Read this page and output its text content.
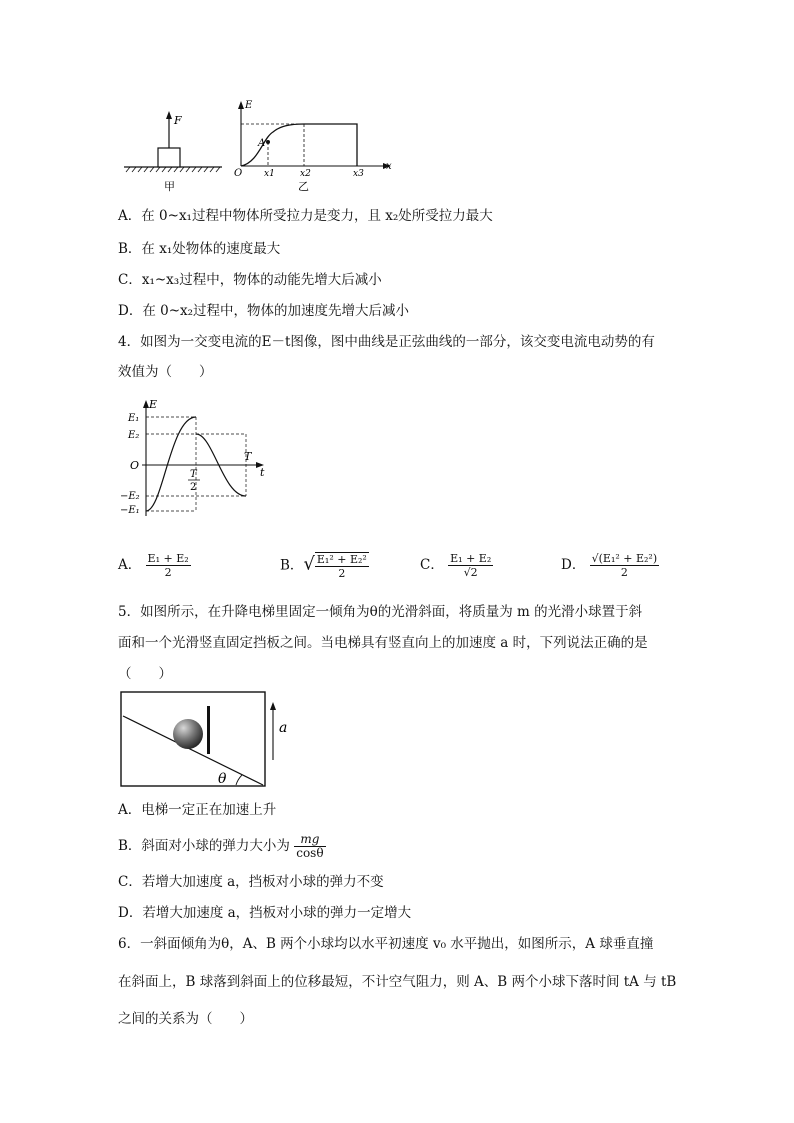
F
甲
E
x
O
A
x1	x2	x3
乙
A．在 0~x₁过程中物体所受拉力是变力，且 x₂处所受拉力最大
B．在 x₁处物体的速度最大
C．x₁~x₃过程中，物体的动能先增大后减小
D．在 0~x₂过程中，物体的加速度先增大后减小
4．如图为一交变电流的E－t图像，图中曲线是正弦曲线的一部分，该交变电流电动势的有
效值为（　　）
E
t
O
E₁
E₂
−E₂
−E₁
T
T
2
A． $\frac{\text{E₁ + E₂}}{2}$	B．√ $\frac{\text{E₁² + E₂²}}{2}$	C． $\frac{\text{E₁ + E₂}}{√2}$	D． $\frac{\text{√(E₁² + E₂²)}}{2}$
5．如图所示，在升降电梯里固定一倾角为θ的光滑斜面，将质量为 m 的光滑小球置于斜
面和一个光滑竖直固定挡板之间。当电梯具有竖直向上的加速度 a 时，下列说法正确的是
（　　）
θ
a
A．电梯一定正在加速上升
B．斜面对小球的弹力大小为 $\frac{mg}{\cos\theta}$
C．若增大加速度 a，挡板对小球的弹力不变
D．若增大加速度 a，挡板对小球的弹力一定增大
6．一斜面倾角为θ，A、B 两个小球均以水平初速度 v₀ 水平抛出，如图所示，A 球垂直撞
在斜面上，B 球落到斜面上的位移最短，不计空气阻力，则 A、B 两个小球下落时间 tA 与 tB
之间的关系为（　　）
